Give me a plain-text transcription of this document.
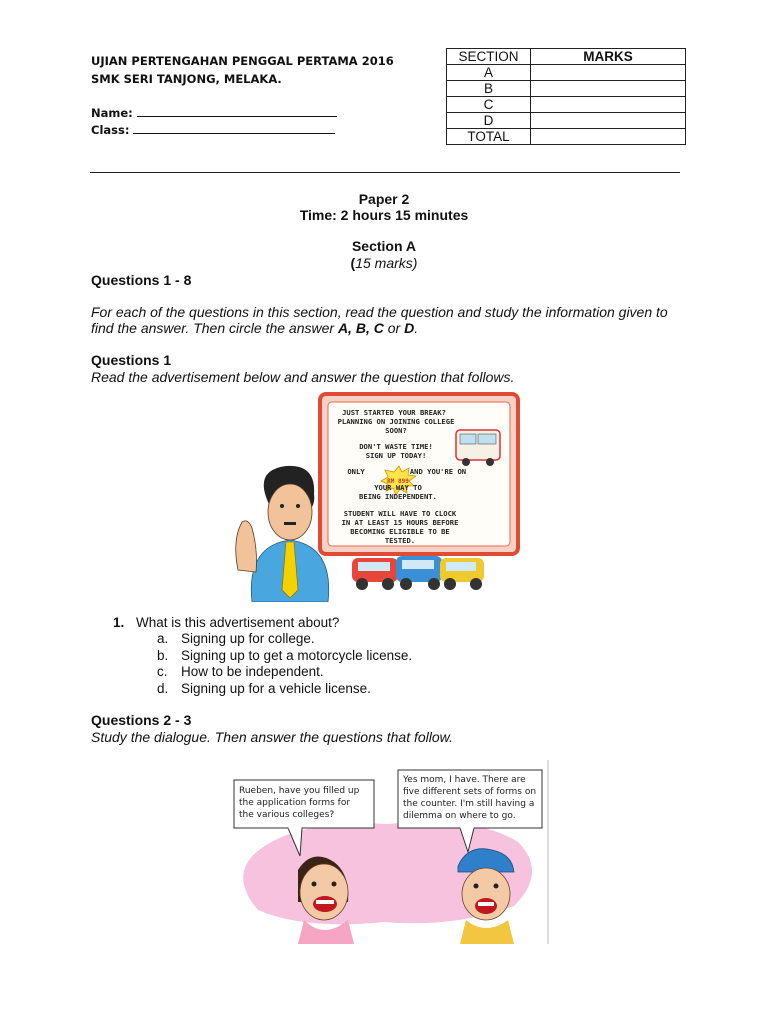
UJIAN PERTENGAHAN PENGGAL PERTAMA 2016
SMK SERI TANJONG, MELAKA.
Name:
Class:
SECTION	MARKS
A	
B	
C	
D	
TOTAL	
Paper 2
Time: 2 hours 15 minutes
Section A
(15 marks)
Questions 1 - 8
For each of the questions in this section, read the question and study the information given to
find the answer. Then circle the answer A, B, C or D.
Questions 1
Read the advertisement below and answer the question that follows.
JUST STARTED YOUR BREAK?
PLANNING ON JOINING COLLEGE
SOON?
DON'T WASTE TIME!
SIGN UP TODAY!
ONLY
RM 899
AND YOU'RE ON
YOUR WAY TO
BEING INDEPENDENT.
STUDENT WILL HAVE TO CLOCK
IN AT LEAST 15 HOURS BEFORE
BECOMING ELIGIBLE TO BE
TESTED.
1. What is this advertisement about?
a. Signing up for college.
b. Signing up to get a motorcycle license.
c. How to be independent.
d. Signing up for a vehicle license.
Questions 2 - 3
Study the dialogue. Then answer the questions that follow.
Rueben, have you filled up
the application forms for
the various colleges?
Yes mom, I have. There are
five different sets of forms on
the counter. I'm still having a
dilemma on where to go.
